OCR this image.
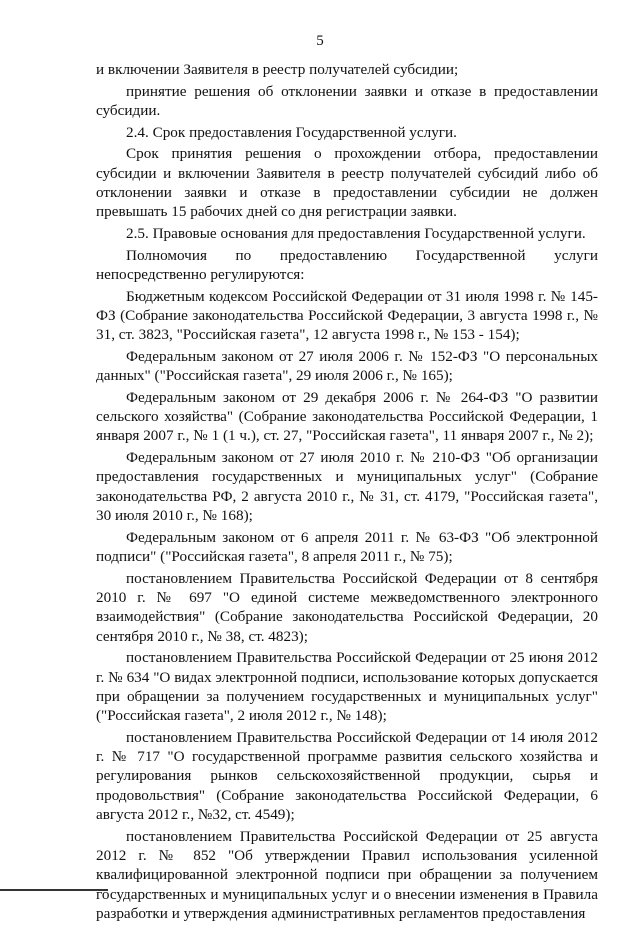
5

и включении Заявителя в реестр получателей субсидии;

принятие решения об отклонении заявки и отказе в предоставлении субсидии.

2.4. Срок предоставления Государственной услуги.

Срок принятия решения о прохождении отбора, предоставлении субсидии и включении Заявителя в реестр получателей субсидий либо об отклонении заявки и отказе в предоставлении субсидии не должен превышать 15 рабочих дней со дня регистрации заявки.

2.5. Правовые основания для предоставления Государственной услуги.

Полномочия по предоставлению Государственной услуги непосредственно регулируются:

Бюджетным кодексом Российской Федерации от 31 июля 1998 г. № 145-ФЗ (Собрание законодательства Российской Федерации, 3 августа 1998 г., № 31, ст. 3823, "Российская газета", 12 августа 1998 г., № 153 - 154);

Федеральным законом от 27 июля 2006 г. № 152-ФЗ "О персональных данных" ("Российская газета", 29 июля 2006 г., № 165);

Федеральным законом от 29 декабря 2006 г. № 264-ФЗ "О развитии сельского хозяйства" (Собрание законодательства Российской Федерации, 1 января 2007 г., № 1 (1 ч.), ст. 27, "Российская газета", 11 января 2007 г., № 2);

Федеральным законом от 27 июля 2010 г. № 210-ФЗ "Об организации предоставления государственных и муниципальных услуг" (Собрание законодательства РФ, 2 августа 2010 г., № 31, ст. 4179, "Российская газета", 30 июля 2010 г., № 168);

Федеральным законом от 6 апреля 2011 г. № 63-ФЗ "Об электронной подписи" ("Российская газета", 8 апреля 2011 г., № 75);

постановлением Правительства Российской Федерации от 8 сентября 2010 г. № 697 "О единой системе межведомственного электронного взаимодействия" (Собрание законодательства Российской Федерации, 20 сентября 2010 г., № 38, ст. 4823);

постановлением Правительства Российской Федерации от 25 июня 2012 г. № 634 "О видах электронной подписи, использование которых допускается при обращении за получением государственных и муниципальных услуг" ("Российская газета", 2 июля 2012 г., № 148);

постановлением Правительства Российской Федерации от 14 июля 2012 г. № 717 "О государственной программе развития сельского хозяйства и регулирования рынков сельскохозяйственной продукции, сырья и продовольствия" (Собрание законодательства Российской Федерации, 6 августа 2012 г., №32, ст. 4549);

постановлением Правительства Российской Федерации от 25 августа 2012 г. № 852 "Об утверждении Правил использования усиленной квалифицированной электронной подписи при обращении за получением государственных и муниципальных услуг и о внесении изменения в Правила разработки и утверждения административных регламентов предоставления
